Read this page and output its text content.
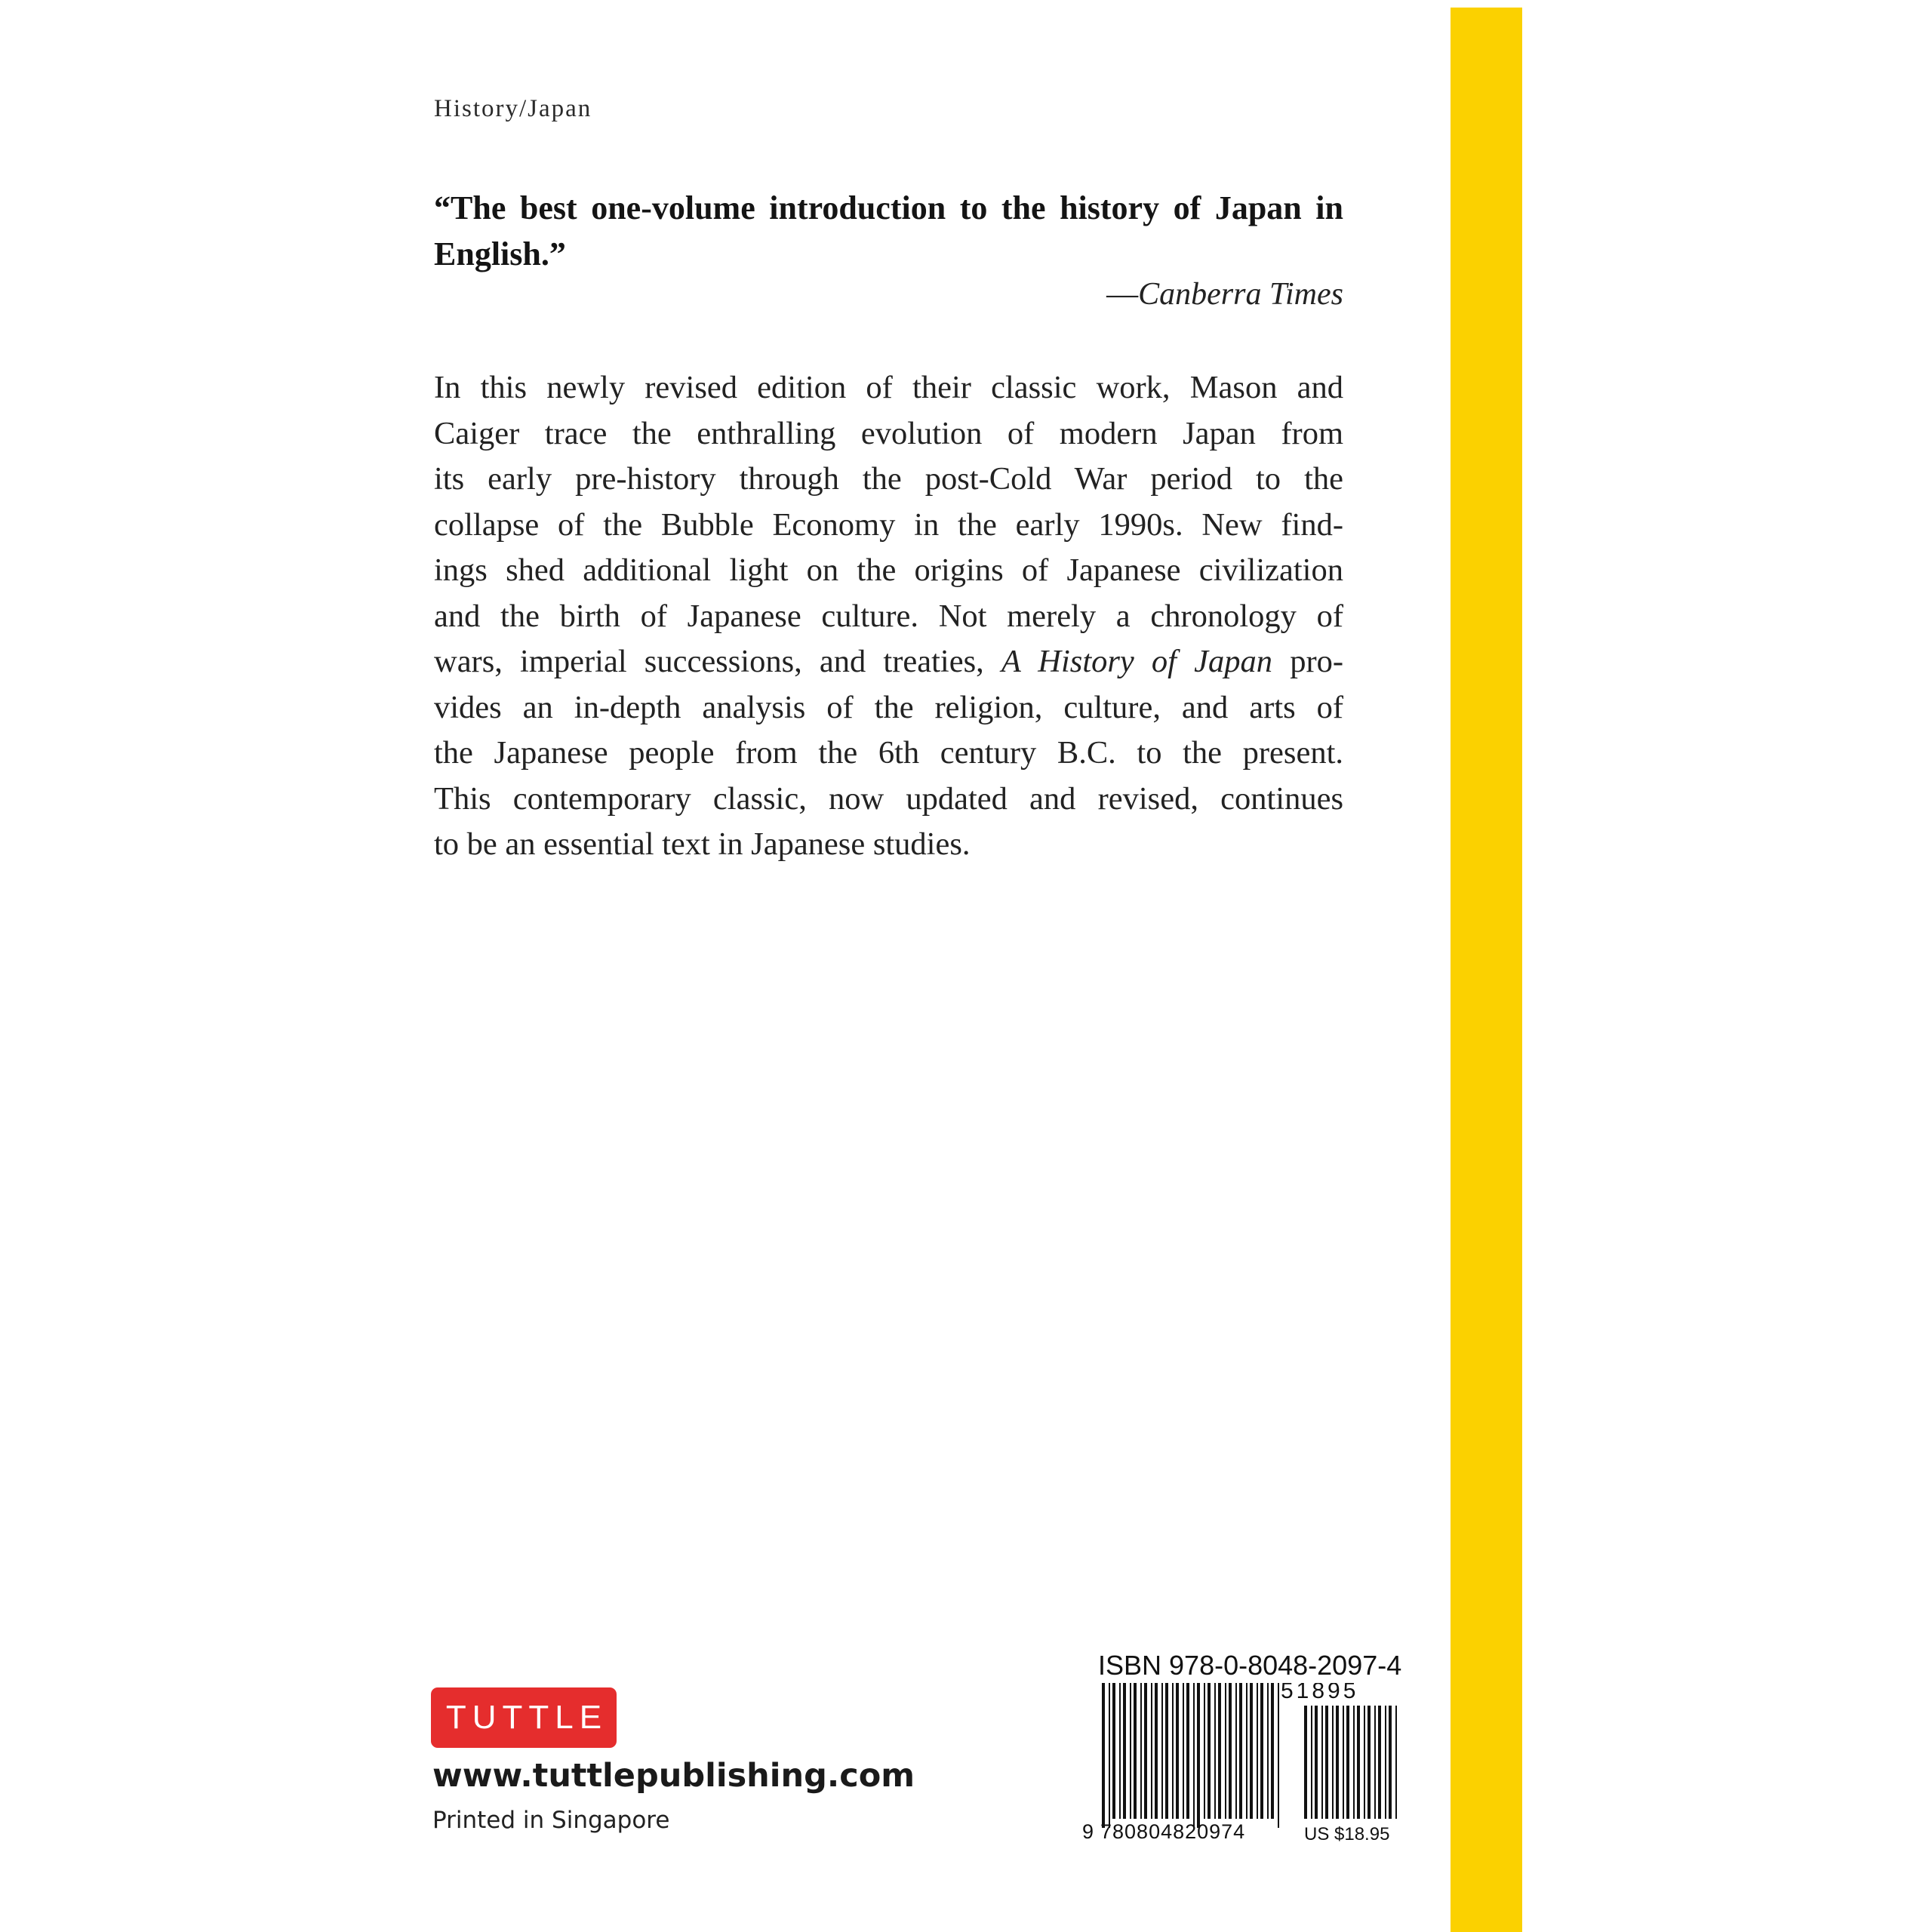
History/Japan

“The best one-volume introduction to the history of Japan in English.”

—Canberra Times
In this newly revised edition of their classic work, Mason and
Caiger trace the enthralling evolution of modern Japan from
its early pre-history through the post-Cold War period to the
collapse of the Bubble Economy in the early 1990s. New find-
ings shed additional light on the origins of Japanese civilization
and the birth of Japanese culture. Not merely a chronology of
wars, imperial successions, and treaties, A History of Japan pro-
vides an in-depth analysis of the religion, culture, and arts of
the Japanese people from the 6th century B.C. to the present.
This contemporary classic, now updated and revised, continues
to be an essential text in Japanese studies.
TUTTLE
www.tuttlepublishing.com
Printed in Singapore
ISBN 978-0-8048-2097-4
9 780804820974
51895
US $18.95
